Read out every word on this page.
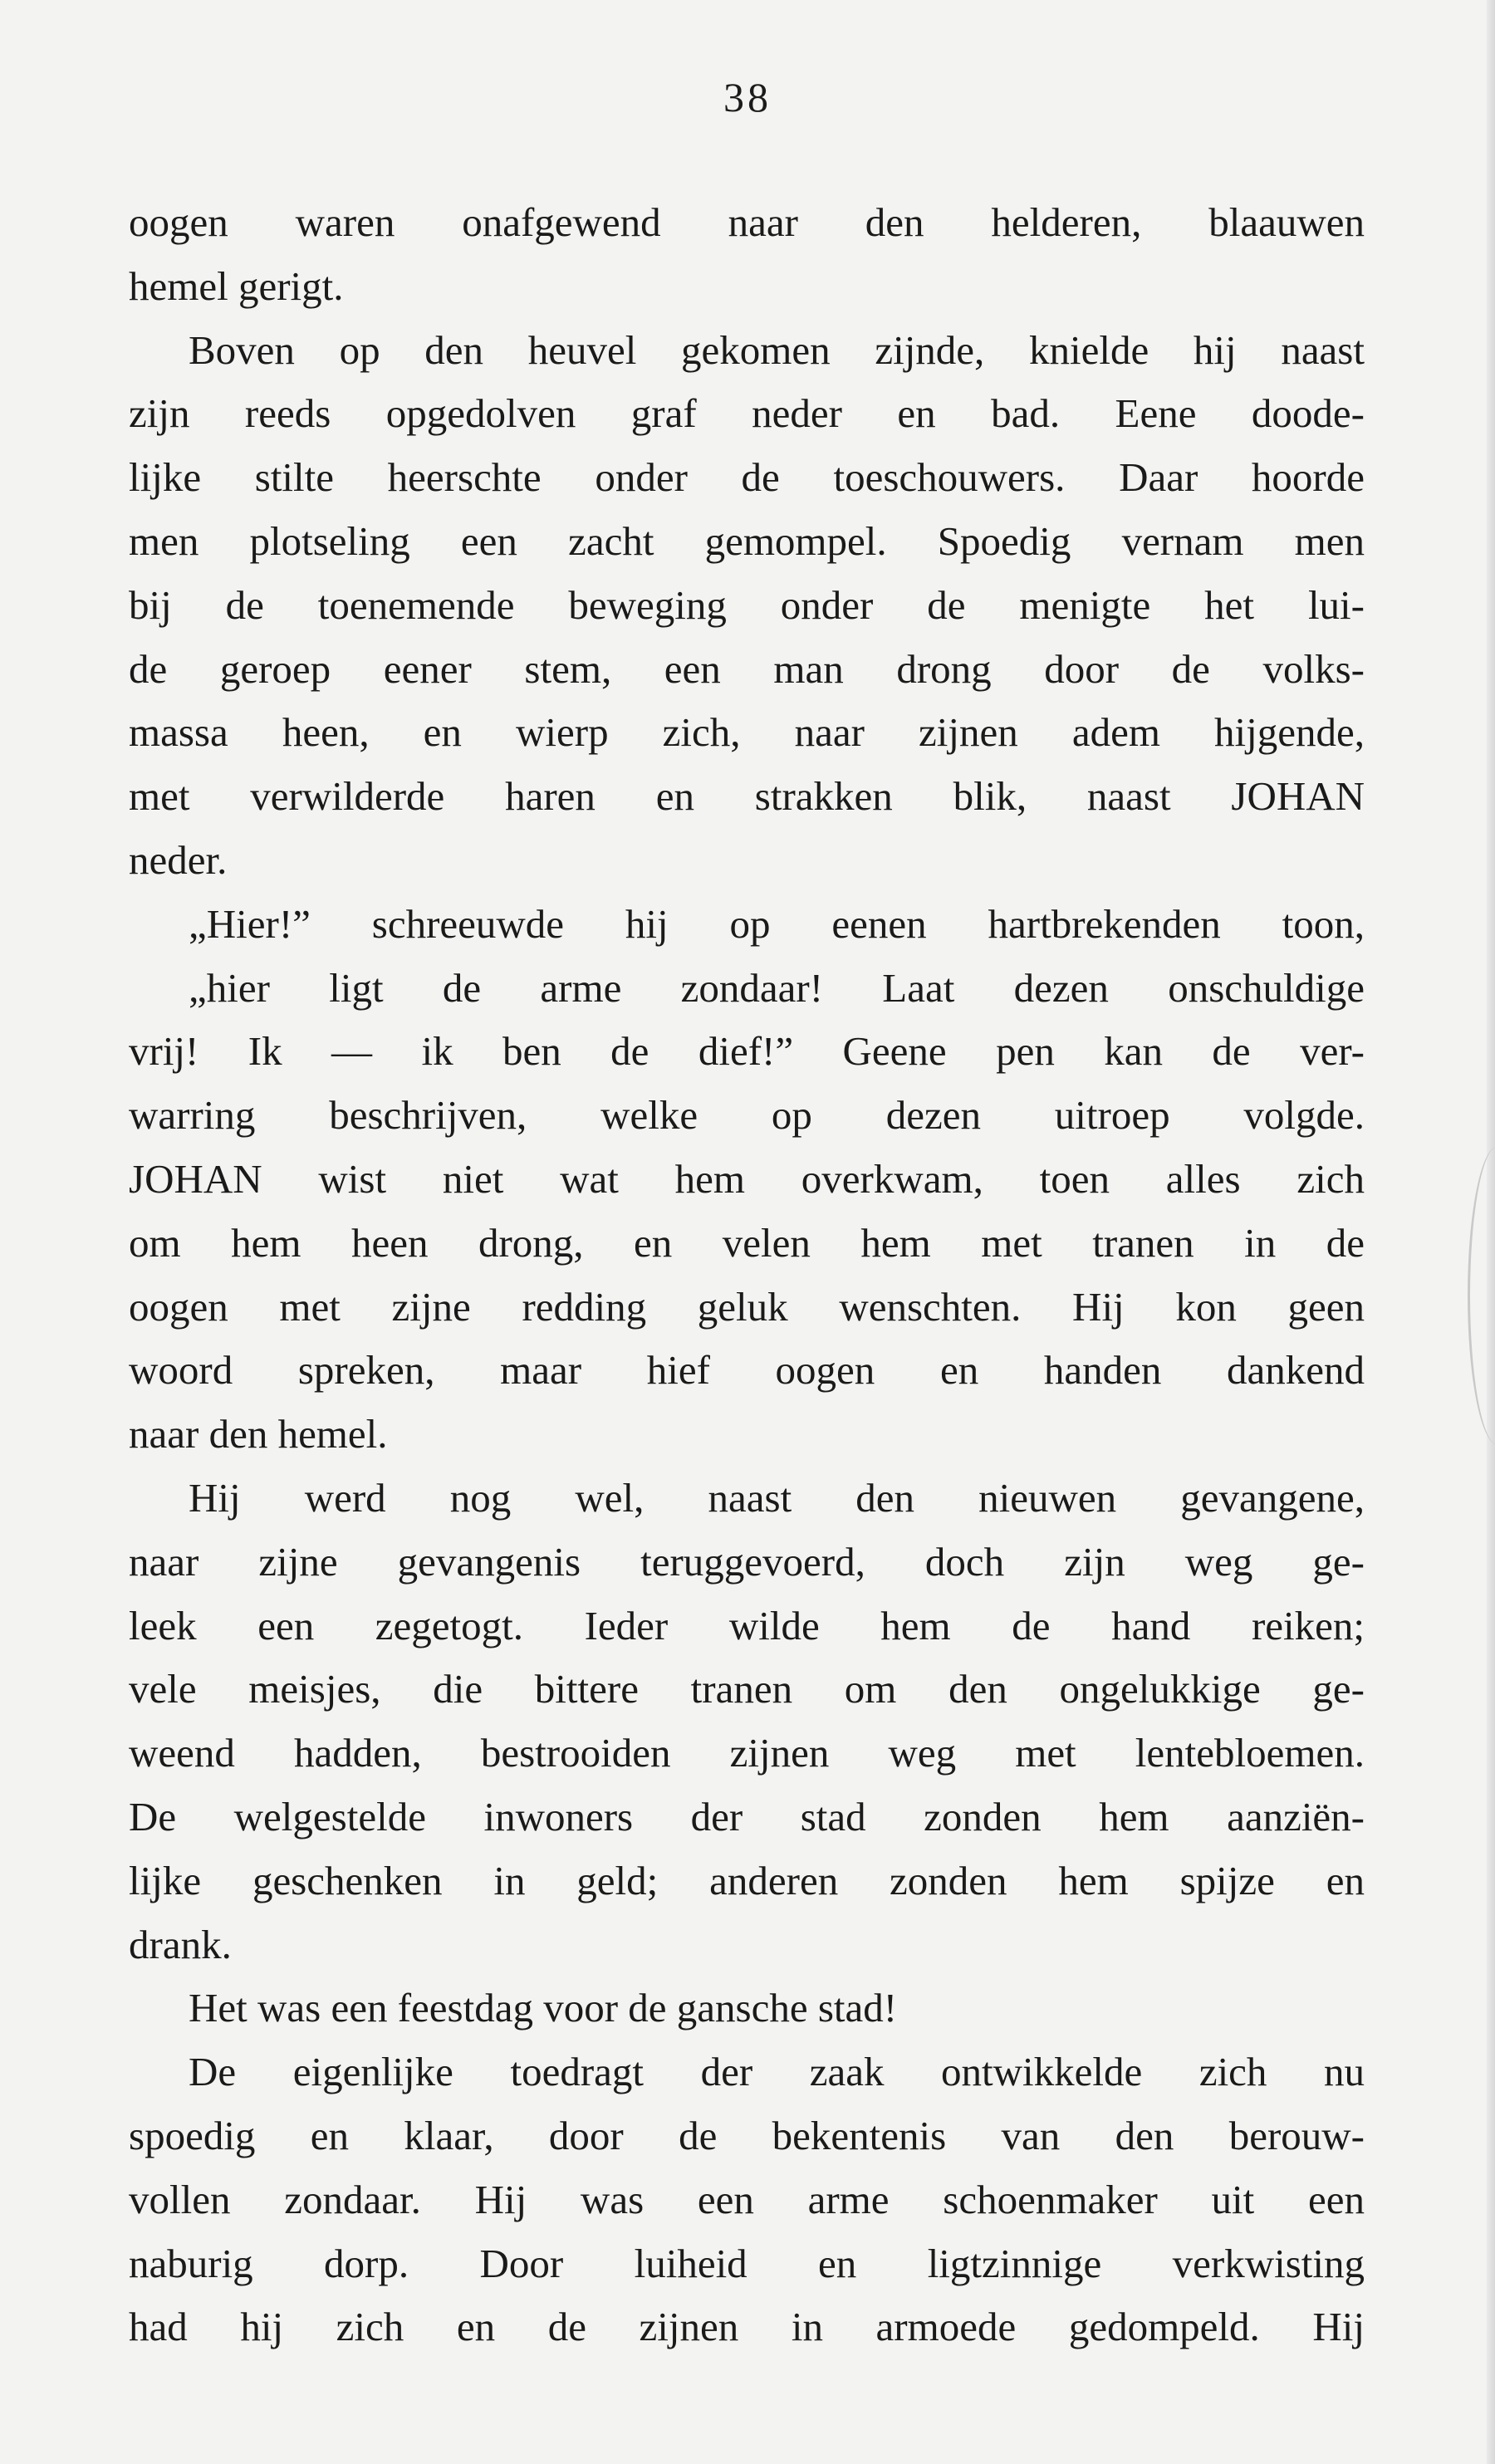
38
oogen waren onafgewend naar den helderen, blaauwen
hemel gerigt.
Boven op den heuvel gekomen zijnde, knielde hij naast
zijn reeds opgedolven graf neder en bad. Eene doode-
lijke stilte heerschte onder de toeschouwers. Daar hoorde
men plotseling een zacht gemompel. Spoedig vernam men
bij de toenemende beweging onder de menigte het lui-
de geroep eener stem, een man drong door de volks-
massa heen, en wierp zich, naar zijnen adem hijgende,
met verwilderde haren en strakken blik, naast JOHAN
neder.
„Hier!” schreeuwde hij op eenen hartbrekenden toon,
„hier ligt de arme zondaar! Laat dezen onschuldige
vrij! Ik — ik ben de dief!” Geene pen kan de ver-
warring beschrijven, welke op dezen uitroep volgde.
JOHAN wist niet wat hem overkwam, toen alles zich
om hem heen drong, en velen hem met tranen in de
oogen met zijne redding geluk wenschten. Hij kon geen
woord spreken, maar hief oogen en handen dankend
naar den hemel.
Hij werd nog wel, naast den nieuwen gevangene,
naar zijne gevangenis teruggevoerd, doch zijn weg ge-
leek een zegetogt. Ieder wilde hem de hand reiken;
vele meisjes, die bittere tranen om den ongelukkige ge-
weend hadden, bestrooiden zijnen weg met lentebloemen.
De welgestelde inwoners der stad zonden hem aanziën-
lijke geschenken in geld; anderen zonden hem spijze en
drank.
Het was een feestdag voor de gansche stad!
De eigenlijke toedragt der zaak ontwikkelde zich nu
spoedig en klaar, door de bekentenis van den berouw-
vollen zondaar. Hij was een arme schoenmaker uit een
naburig dorp. Door luiheid en ligtzinnige verkwisting
had hij zich en de zijnen in armoede gedompeld. Hij
